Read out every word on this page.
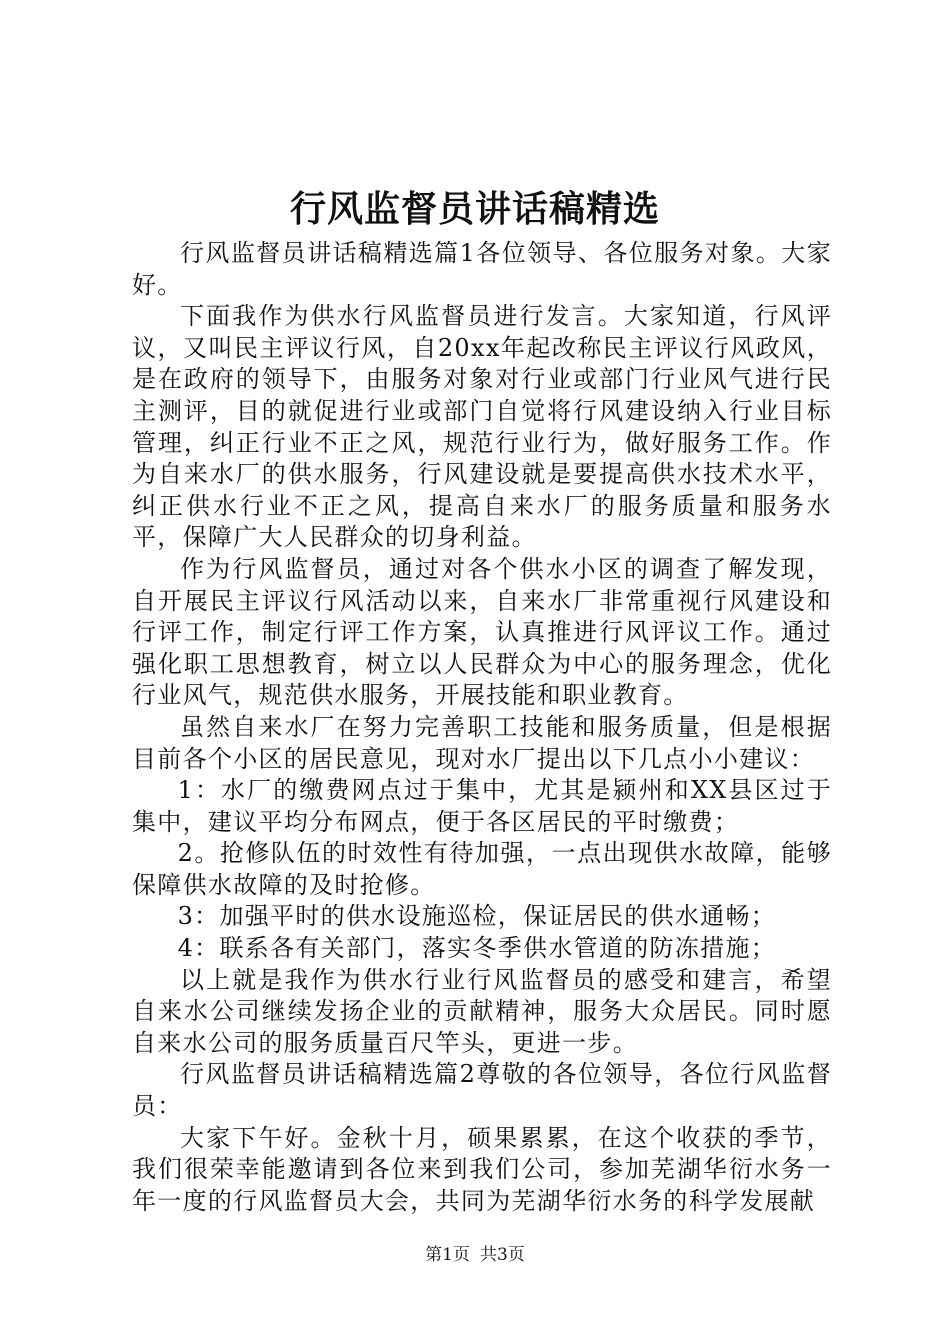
行风监督员讲话稿精选

行风监督员讲话稿精选篇1各位领导、各位服务对象。大家好。

下面我作为供水行风监督员进行发言。大家知道，行风评议，又叫民主评议行风，自20xx年起改称民主评议行风政风，是在政府的领导下，由服务对象对行业或部门行业风气进行民主测评，目的就促进行业或部门自觉将行风建设纳入行业目标管理，纠正行业不正之风，规范行业行为，做好服务工作。作为自来水厂的供水服务，行风建设就是要提高供水技术水平，纠正供水行业不正之风，提高自来水厂的服务质量和服务水平，保障广大人民群众的切身利益。

作为行风监督员，通过对各个供水小区的调查了解发现，自开展民主评议行风活动以来，自来水厂非常重视行风建设和行评工作，制定行评工作方案，认真推进行风评议工作。通过强化职工思想教育，树立以人民群众为中心的服务理念，优化行业风气，规范供水服务，开展技能和职业教育。

虽然自来水厂在努力完善职工技能和服务质量，但是根据目前各个小区的居民意见，现对水厂提出以下几点小小建议：

1：水厂的缴费网点过于集中，尤其是颍州和XX县区过于集中，建议平均分布网点，便于各区居民的平时缴费；

2。抢修队伍的时效性有待加强，一点出现供水故障，能够保障供水故障的及时抢修。

3：加强平时的供水设施巡检，保证居民的供水通畅；

4：联系各有关部门，落实冬季供水管道的防冻措施；

以上就是我作为供水行业行风监督员的感受和建言，希望自来水公司继续发扬企业的贡献精神，服务大众居民。同时愿自来水公司的服务质量百尺竿头，更进一步。

行风监督员讲话稿精选篇2尊敬的各位领导，各位行风监督员：

大家下午好。金秋十月，硕果累累，在这个收获的季节，我们很荣幸能邀请到各位来到我们公司，参加芜湖华衍水务一年一度的行风监督员大会，共同为芜湖华衍水务的科学发展献

第1页 共3页
